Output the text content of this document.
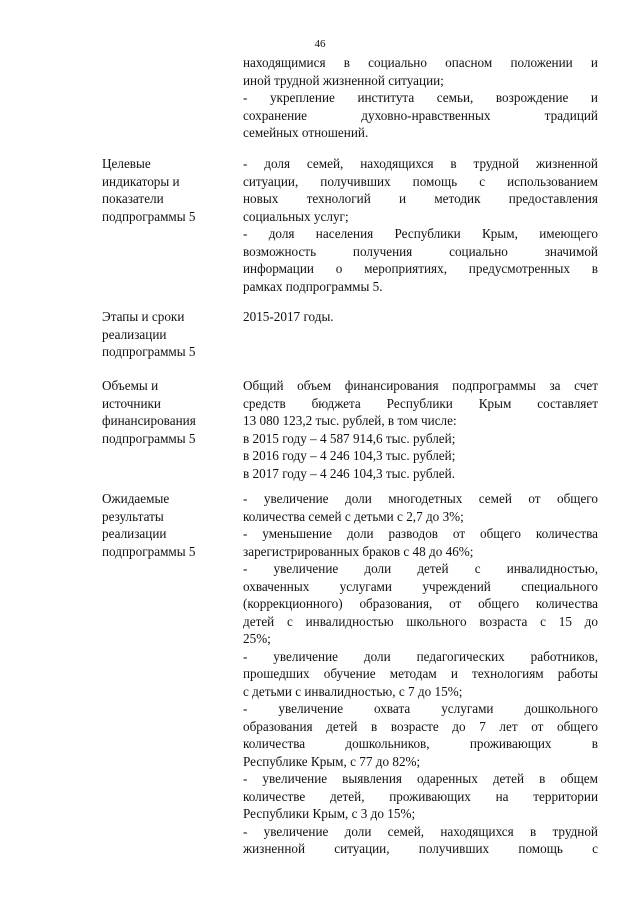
46
находящимися в социально опасном положении и
иной трудной жизненной ситуации;
- укрепление института семьи, возрождение и
сохранение духовно-нравственных традиций
семейных отношений.
Целевые
индикаторы и
показатели
подпрограммы 5
- доля семей, находящихся в трудной жизненной
ситуации, получивших помощь с использованием
новых технологий и методик предоставления
социальных услуг;
- доля населения Республики Крым, имеющего
возможность получения социально значимой
информации о мероприятиях, предусмотренных в
рамках подпрограммы 5.
Этапы и сроки
реализации
подпрограммы 5
2015-2017 годы.
Объемы и
источники
финансирования
подпрограммы 5
Общий объем финансирования подпрограммы за счет
средств бюджета Республики Крым составляет
13 080 123,2 тыс. рублей, в том числе:
в 2015 году – 4 587 914,6 тыс. рублей;
в 2016 году – 4 246 104,3 тыс. рублей;
в 2017 году – 4 246 104,3 тыс. рублей.
Ожидаемые
результаты
реализации
подпрограммы 5
- увеличение доли многодетных семей от общего
количества семей с детьми с 2,7 до 3%;
- уменьшение доли разводов от общего количества
зарегистрированных браков с 48 до 46%;
- увеличение доли детей с инвалидностью,
охваченных услугами учреждений специального
(коррекционного) образования, от общего количества
детей с инвалидностью школьного возраста с 15 до
25%;
- увеличение доли педагогических работников,
прошедших обучение методам и технологиям работы
с детьми с инвалидностью, с 7 до 15%;
- увеличение охвата услугами дошкольного
образования детей в возрасте до 7 лет от общего
количества дошкольников, проживающих в
Республике Крым, с 77 до 82%;
- увеличение выявления одаренных детей в общем
количестве детей, проживающих на территории
Республики Крым, с 3 до 15%;
- увеличение доли семей, находящихся в трудной
жизненной ситуации, получивших помощь с
